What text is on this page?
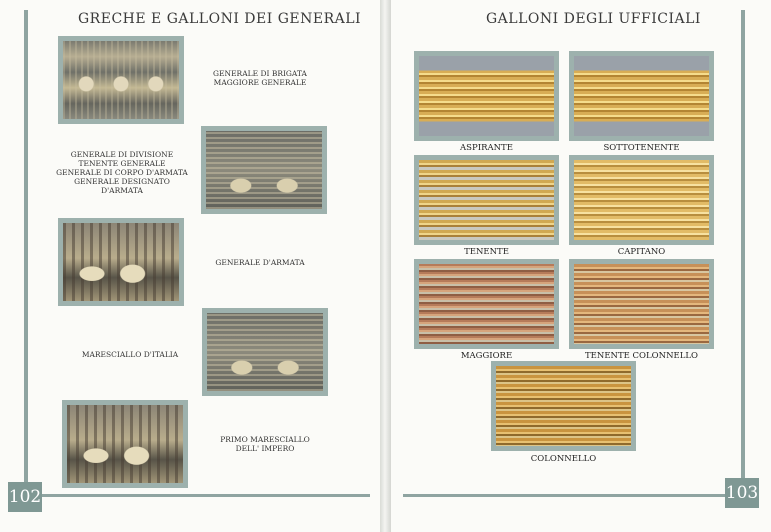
GRECHE E GALLONI DEI GENERALI
GENERALE DI BRIGATA
MAGGIORE GENERALE
GENERALE DI DIVISIONE
TENENTE GENERALE
GENERALE DI CORPO D'ARMATA
GENERALE DESIGNATO
D'ARMATA
GENERALE D'ARMATA
MARESCIALLO D'ITALIA
PRIMO MARESCIALLO
DELL' IMPERO
102
GALLONI DEGLI UFFICIALI
ASPIRANTE	SOTTOTENENTE
TENENTE	CAPITANO
MAGGIORE	TENENTE COLONNELLO
COLONNELLO
103
